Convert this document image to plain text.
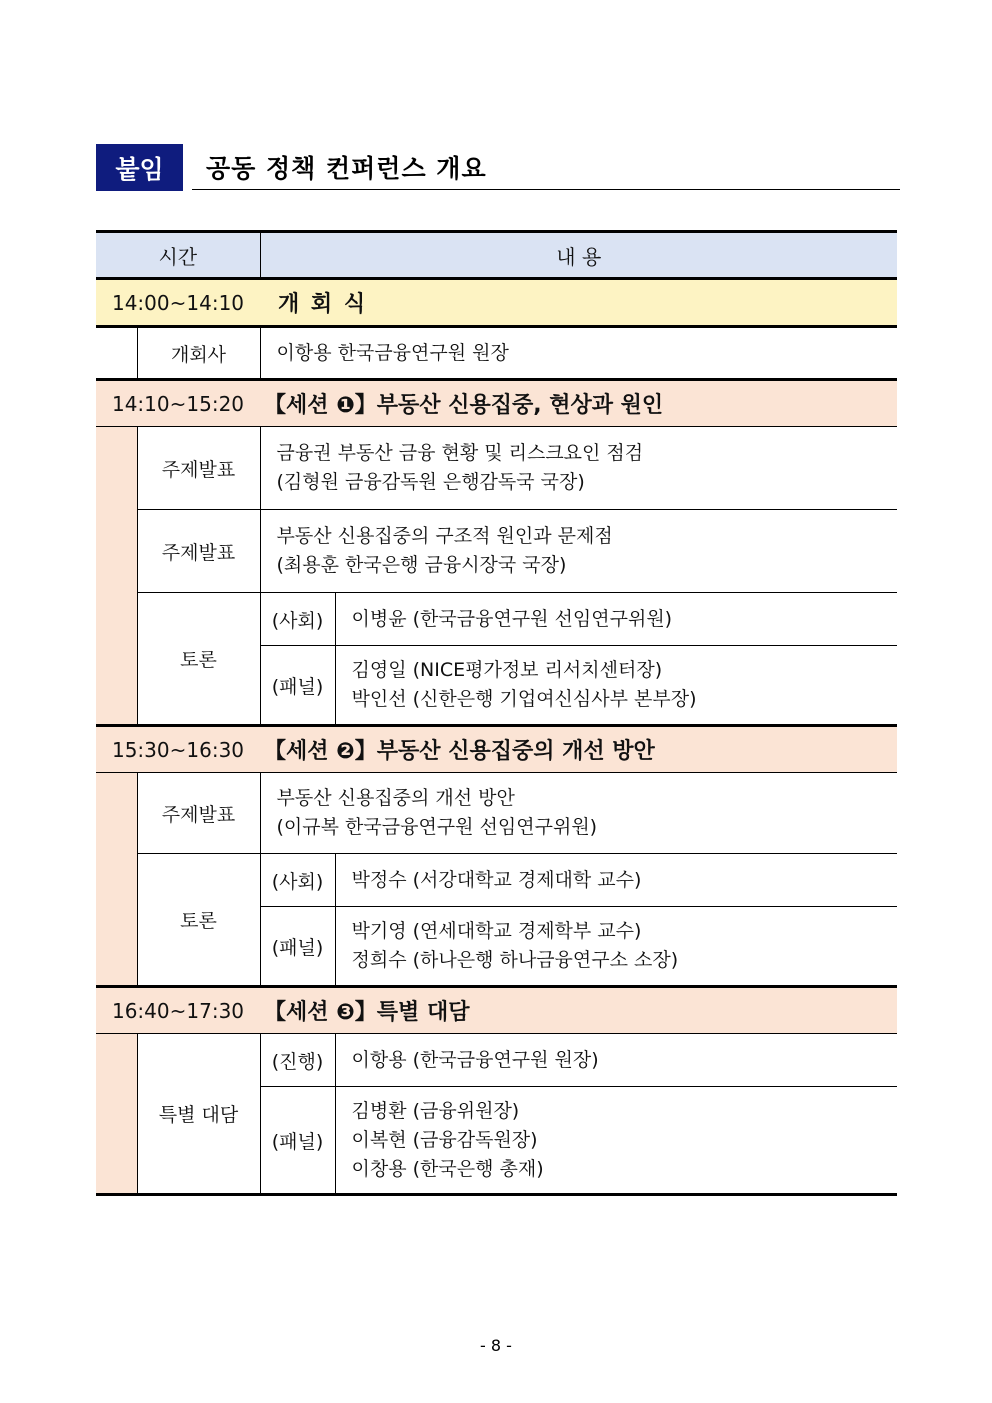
붙임	공동 정책 컨퍼런스 개요
시간		내 용	
14:00~14:10		개 회 식	
	개회사	이항용 한국금융연구원 원장	
14:10~15:20		【세션 ❶】부동산 신용집중, 현상과 원인	
	주제발표	금융권 부동산 금융 현황 및 리스크요인 점검
(김형원 금융감독원 은행감독국 국장)	

	주제발표	부동산 신용집중의 구조적 원인과 문제점
(최용훈 한국은행 금융시장국 국장)	

	토론	(사회)	이병윤 (한국금융연구원 선임연구위원)
		(패널)	김영일 (NICE평가정보 리서치센터장)
박인선 (신한은행 기업여신심사부 본부장)

15:30~16:30		【세션 ❷】부동산 신용집중의 개선 방안	
	주제발표	부동산 신용집중의 개선 방안
(이규복 한국금융연구원 선임연구위원)	

	토론	(사회)	박정수 (서강대학교 경제대학 교수)
		(패널)	박기영 (연세대학교 경제학부 교수)
정희수 (하나은행 하나금융연구소 소장)

16:40~17:30		【세션 ❸】특별 대담	
	특별 대담	(진행)	이항용 (한국금융연구원 원장)
		(패널)	김병환 (금융위원장)
이복현 (금융감독원장)
이창용 (한국은행 총재)
- 8 -
